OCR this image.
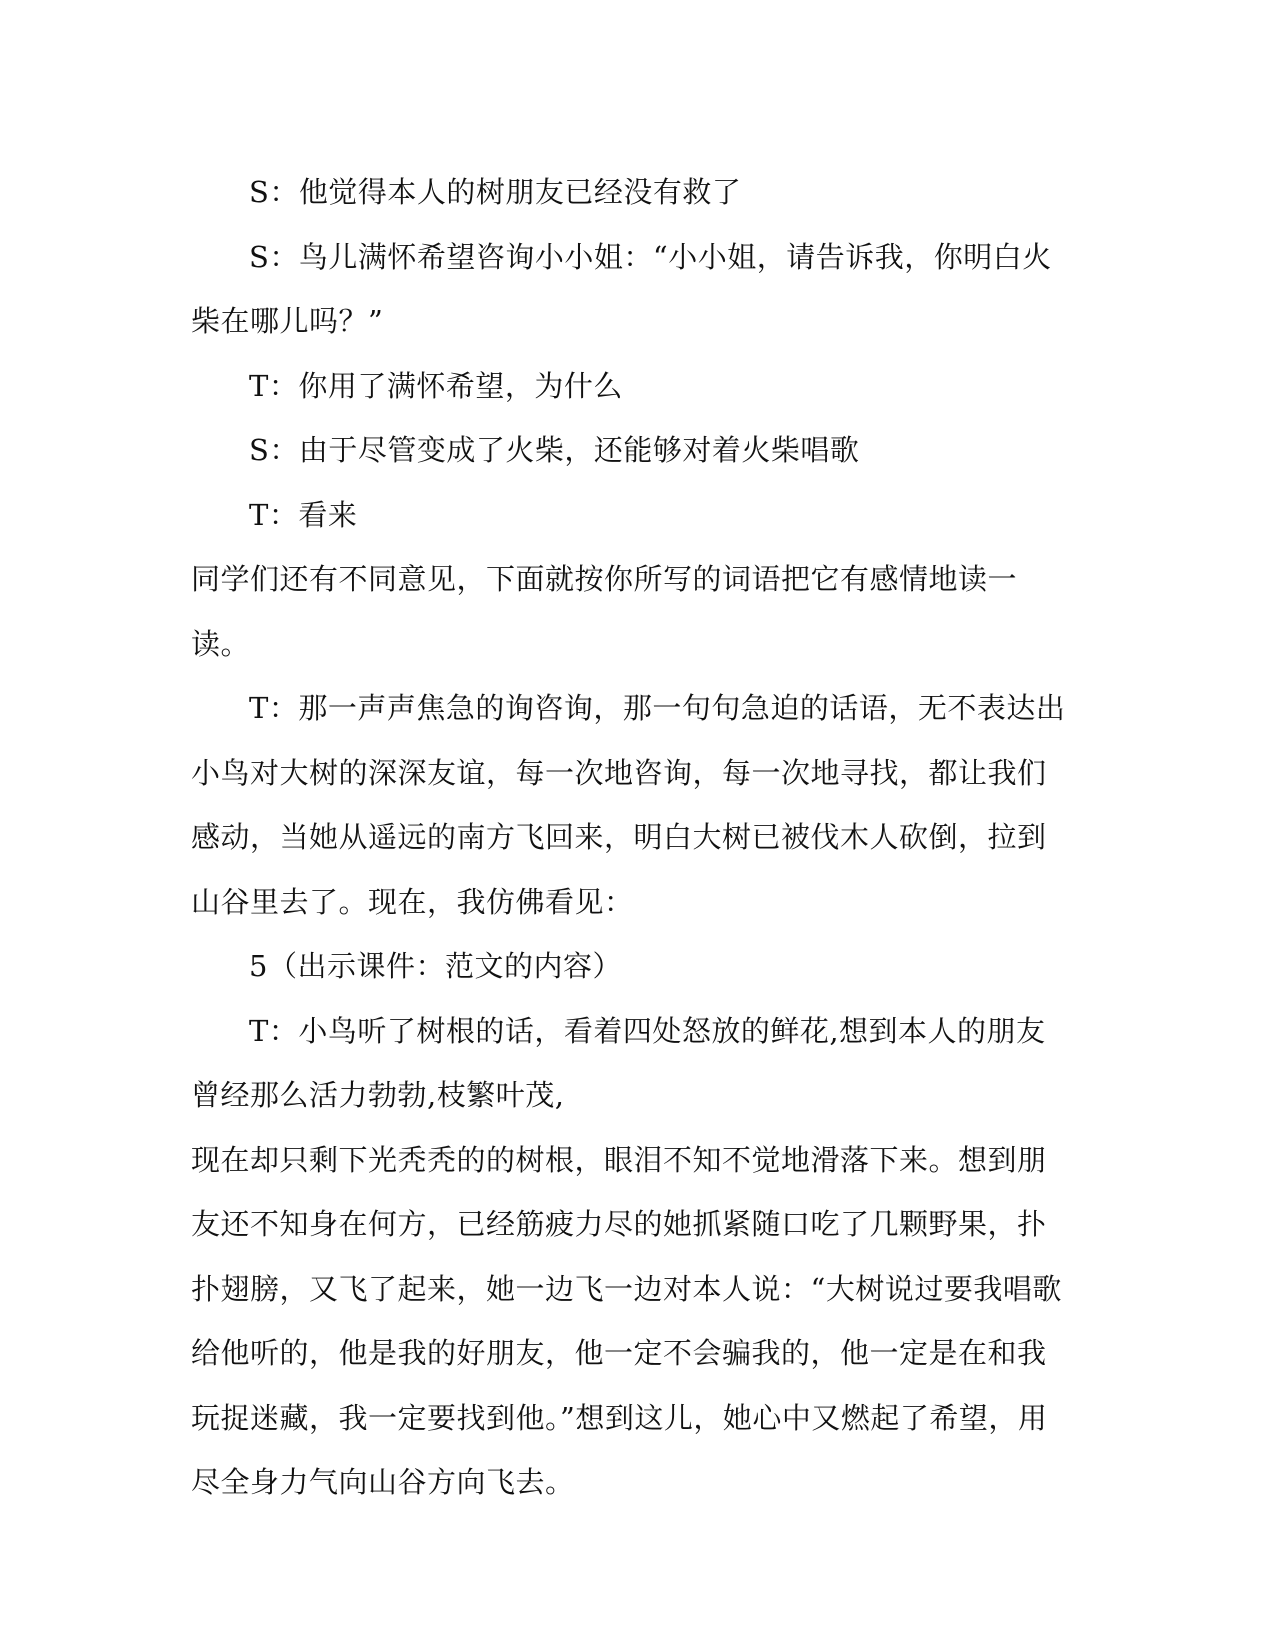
S：他觉得本人的树朋友已经没有救了

S：鸟儿满怀希望咨询小小姐：“小小姐，请告诉我，你明白火柴在哪儿吗？”

T：你用了满怀希望，为什么

S：由于尽管变成了火柴，还能够对着火柴唱歌

T：看来

同学们还有不同意见，下面就按你所写的词语把它有感情地读一读。

T：那一声声焦急的询咨询，那一句句急迫的话语，无不表达出小鸟对大树的深深友谊，每一次地咨询，每一次地寻找，都让我们感动，当她从遥远的南方飞回来，明白大树已被伐木人砍倒，拉到山谷里去了。现在，我仿佛看见：

5（出示课件：范文的内容）

T：小鸟听了树根的话，看着四处怒放的鲜花,想到本人的朋友曾经那么活力勃勃,枝繁叶茂,

现在却只剩下光秃秃的的树根，眼泪不知不觉地滑落下来。想到朋友还不知身在何方，已经筋疲力尽的她抓紧随口吃了几颗野果，扑扑翅膀，又飞了起来，她一边飞一边对本人说：“大树说过要我唱歌给他听的，他是我的好朋友，他一定不会骗我的，他一定是在和我玩捉迷藏，我一定要找到他。”想到这儿，她心中又燃起了希望，用尽全身力气向山谷方向飞去。
